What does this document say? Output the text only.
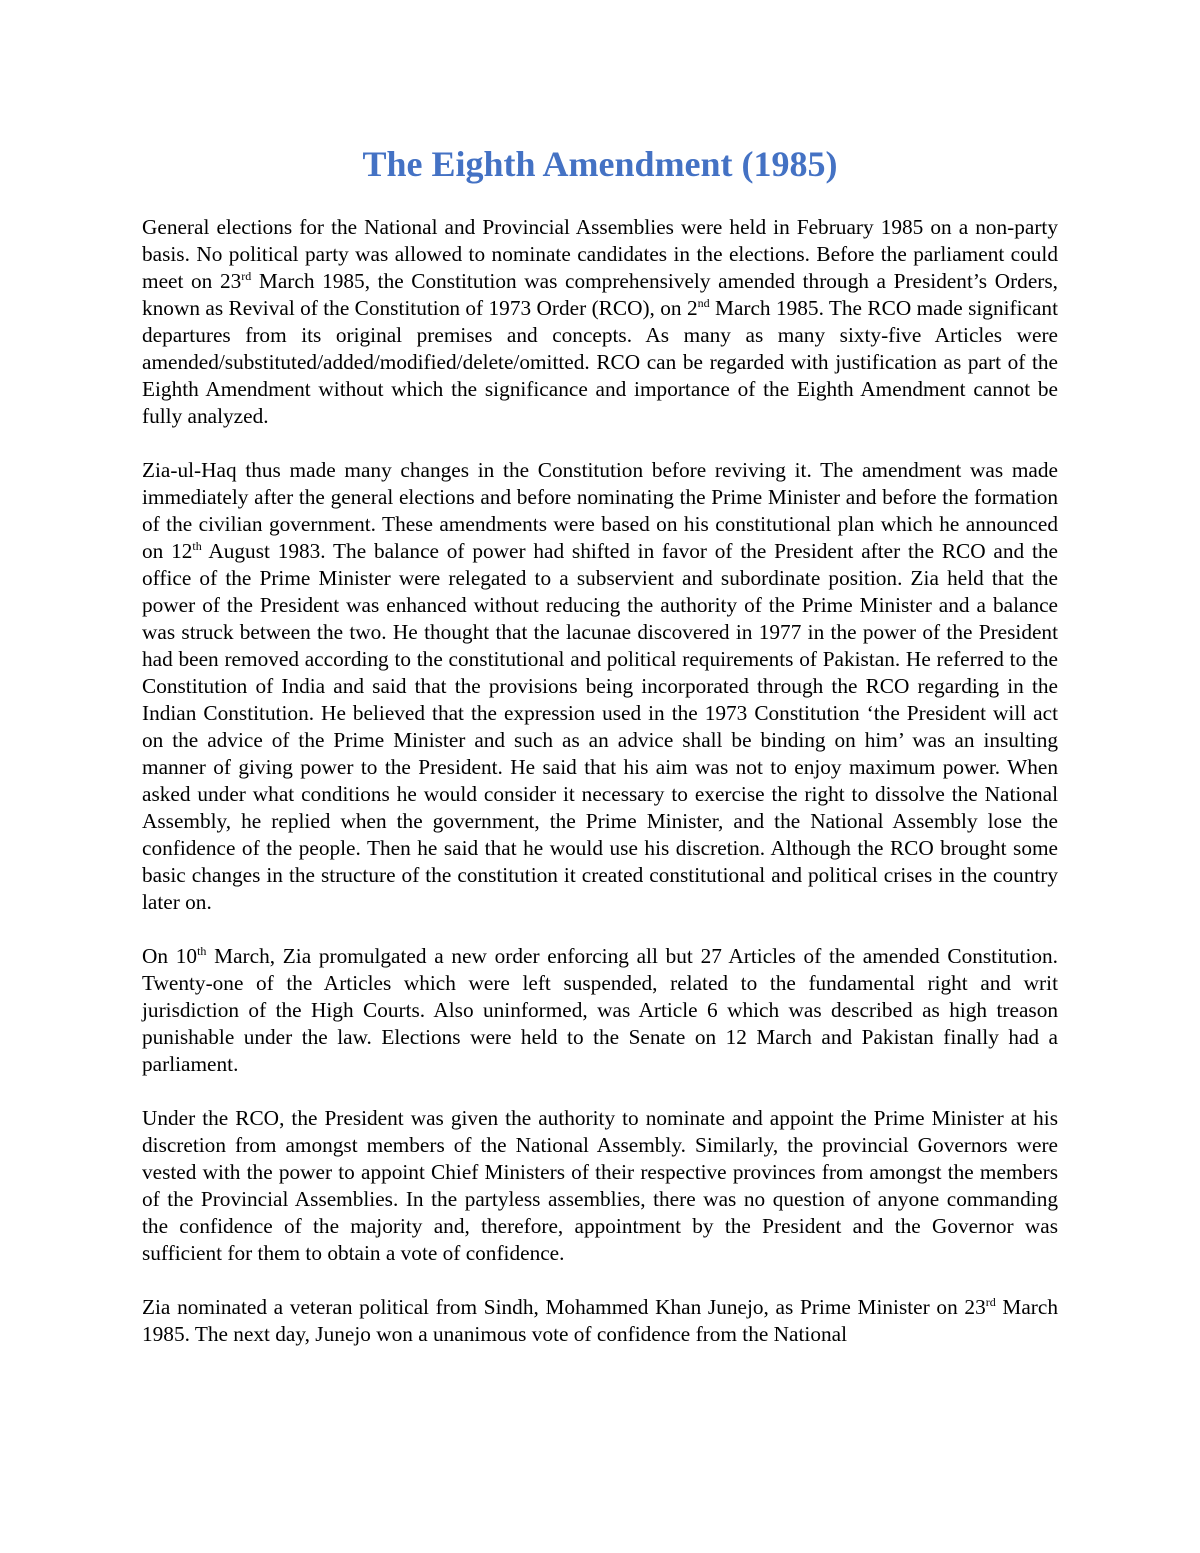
The Eighth Amendment (1985)

General elections for the National and Provincial Assemblies were held in February 1985 on a non-party basis. No political party was allowed to nominate candidates in the elections. Before the parliament could meet on 23rd March 1985, the Constitution was comprehensively amended through a President’s Orders, known as Revival of the Constitution of 1973 Order (RCO), on 2nd March 1985. The RCO made significant departures from its original premises and concepts. As many as many sixty-five Articles were amended/substituted/added/modified/delete/omitted. RCO can be regarded with justification as part of the Eighth Amendment without which the significance and importance of the Eighth Amendment cannot be fully analyzed.

Zia-ul-Haq thus made many changes in the Constitution before reviving it. The amendment was made immediately after the general elections and before nominating the Prime Minister and before the formation of the civilian government. These amendments were based on his constitutional plan which he announced on 12th August 1983. The balance of power had shifted in favor of the President after the RCO and the office of the Prime Minister were relegated to a subservient and subordinate position. Zia held that the power of the President was enhanced without reducing the authority of the Prime Minister and a balance was struck between the two. He thought that the lacunae discovered in 1977 in the power of the President had been removed according to the constitutional and political requirements of Pakistan. He referred to the Constitution of India and said that the provisions being incorporated through the RCO regarding in the Indian Constitution. He believed that the expression used in the 1973 Constitution ‘the President will act on the advice of the Prime Minister and such as an advice shall be binding on him’ was an insulting manner of giving power to the President. He said that his aim was not to enjoy maximum power. When asked under what conditions he would consider it necessary to exercise the right to dissolve the National Assembly, he replied when the government, the Prime Minister, and the National Assembly lose the confidence of the people. Then he said that he would use his discretion. Although the RCO brought some basic changes in the structure of the constitution it created constitutional and political crises in the country later on.

On 10th March, Zia promulgated a new order enforcing all but 27 Articles of the amended Constitution. Twenty-one of the Articles which were left suspended, related to the fundamental right and writ jurisdiction of the High Courts. Also uninformed, was Article 6 which was described as high treason punishable under the law. Elections were held to the Senate on 12 March and Pakistan finally had a parliament.

Under the RCO, the President was given the authority to nominate and appoint the Prime Minister at his discretion from amongst members of the National Assembly. Similarly, the provincial Governors were vested with the power to appoint Chief Ministers of their respective provinces from amongst the members of the Provincial Assemblies. In the partyless assemblies, there was no question of anyone commanding the confidence of the majority and, therefore, appointment by the President and the Governor was sufficient for them to obtain a vote of confidence.

Zia nominated a veteran political from Sindh, Mohammed Khan Junejo, as Prime Minister on 23rd March 1985. The next day, Junejo won a unanimous vote of confidence from the National
